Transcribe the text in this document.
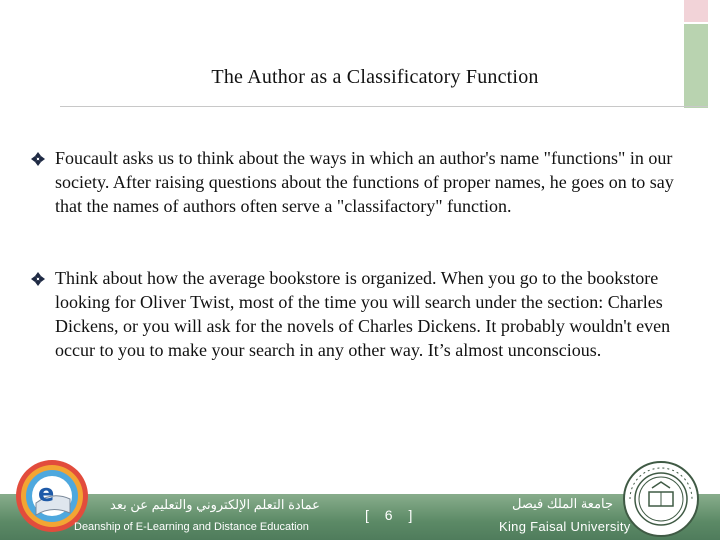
The Author as a Classificatory Function
Foucault asks us to think about the ways in which an author's name "functions" in our society. After raising questions about the functions of proper names, he goes on to say that the names of authors often serve a "classifactory" function.
Think about how the average bookstore is organized. When you go to the bookstore looking for Oliver Twist, most of the time you will search under the section: Charles Dickens, or you will ask for the novels of Charles Dickens. It probably wouldn't even occur to you to make your search in any other way. It’s almost unconscious.
e	عمادة التعلم الإلكتروني والتعليم عن بعد
Deanship of E-Learning and Distance Education
[ 6 ]
جامعة الملك فيصل
King Faisal University
